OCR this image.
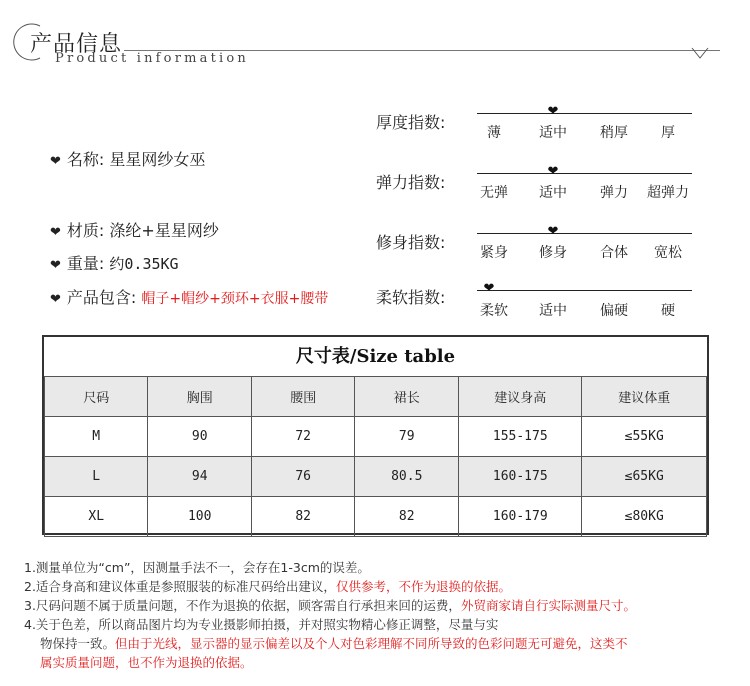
产品信息
Product information
❤ 名称: 星星网纱女巫
❤ 材质: 涤纶+星星网纱
❤ 重量: 约0.35KG
❤ 产品包含: 帽子+帽纱+颈环+衣服+腰带
厚度指数:
❤
薄	适中	稍厚	厚
弹力指数:
❤
无弹	适中	弹力	超弹力
修身指数:
❤
紧身	修身	合体	宽松
柔软指数:	❤
柔软	适中	偏硬	硬
尺寸表/Size table
尺码	胸围	腰围	裙长	建议身高	建议体重
M	90	72	79	155-175	≤55KG
L	94	76	80.5	160-175	≤65KG
XL	100	82	82	160-179	≤80KG
1.测量单位为“cm”，因测量手法不一，会存在1-3cm的误差。
2.适合身高和建议体重是参照服装的标准尺码给出建议，仅供参考，不作为退换的依据。
3.尺码问题不属于质量问题，不作为退换的依据，顾客需自行承担来回的运费，外贸商家请自行实际测量尺寸。
4.关于色差，所以商品图片均为专业摄影师拍摄，并对照实物精心修正调整，尽量与实
物保持一致。但由于光线，显示器的显示偏差以及个人对色彩理解不同所导致的色彩问题无可避免，这类不
属实质量问题，也不作为退换的依据。
